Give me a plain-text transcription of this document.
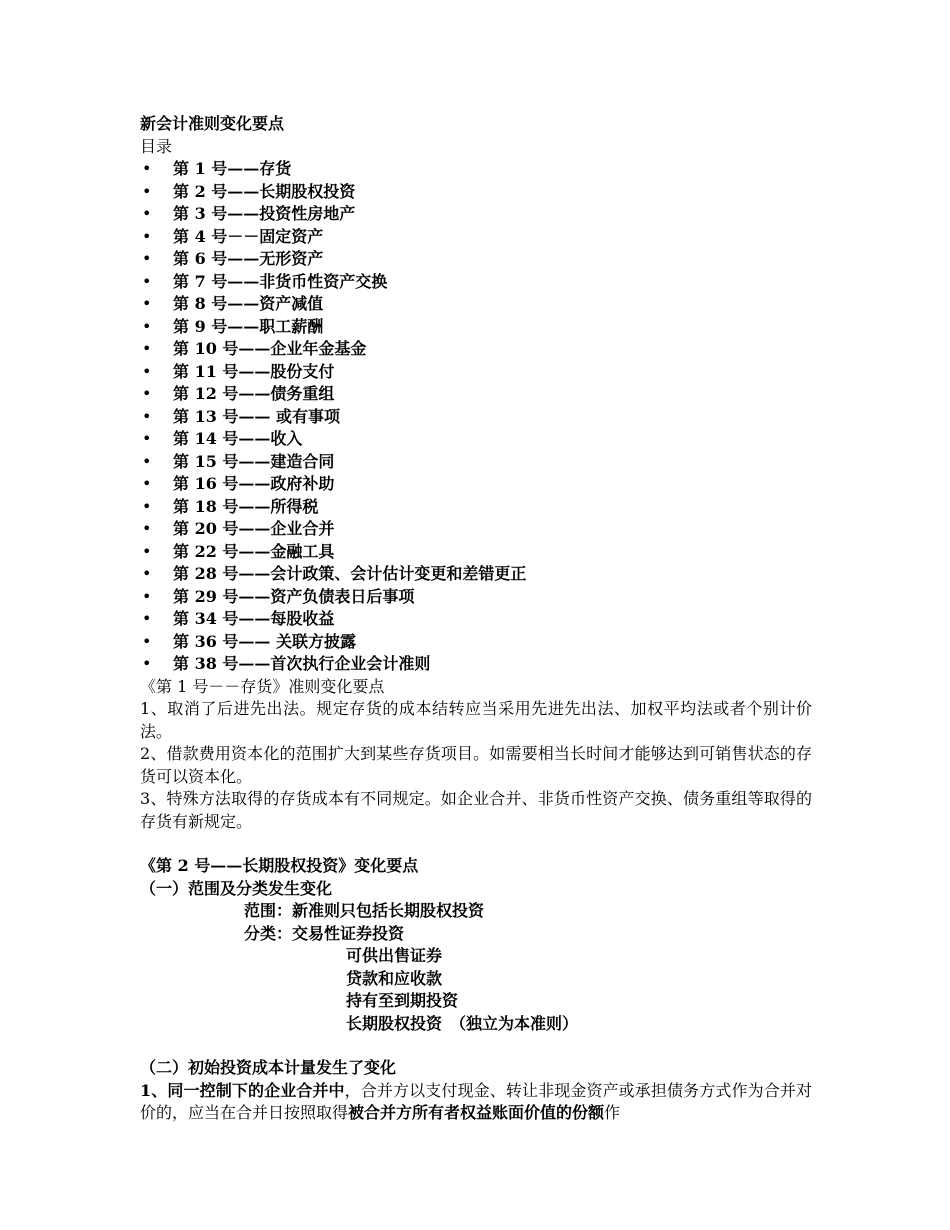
新会计准则变化要点
目录
• 第 1 号——存货
• 第 2 号——长期股权投资
• 第 3 号——投资性房地产
• 第 4 号－－固定资产
• 第 6 号——无形资产
• 第 7 号——非货币性资产交换
• 第 8 号——资产减值
• 第 9 号——职工薪酬
• 第 10 号——企业年金基金
• 第 11 号——股份支付
• 第 12 号——债务重组
• 第 13 号—— 或有事项
• 第 14 号——收入
• 第 15 号——建造合同
• 第 16 号——政府补助
• 第 18 号——所得税
• 第 20 号——企业合并
• 第 22 号——金融工具
• 第 28 号——会计政策、会计估计变更和差错更正
• 第 29 号——资产负债表日后事项
• 第 34 号——每股收益
• 第 36 号—— 关联方披露
• 第 38 号——首次执行企业会计准则
《第 1 号－－存货》准则变化要点
1、取消了后进先出法。规定存货的成本结转应当采用先进先出法、加权平均法或者个别计价法。
2、借款费用资本化的范围扩大到某些存货项目。如需要相当长时间才能够达到可销售状态的存货可以资本化。
3、特殊方法取得的存货成本有不同规定。如企业合并、非货币性资产交换、债务重组等取得的存货有新规定。
《第 2 号——长期股权投资》变化要点
（一）范围及分类发生变化
范围：新准则只包括长期股权投资
分类：交易性证券投资
可供出售证券
贷款和应收款
持有至到期投资
长期股权投资　（独立为本准则）
（二）初始投资成本计量发生了变化
1、同一控制下的企业合并中，合并方以支付现金、转让非现金资产或承担债务方式作为合并对价的，应当在合并日按照取得被合并方所有者权益账面价值的份额作
